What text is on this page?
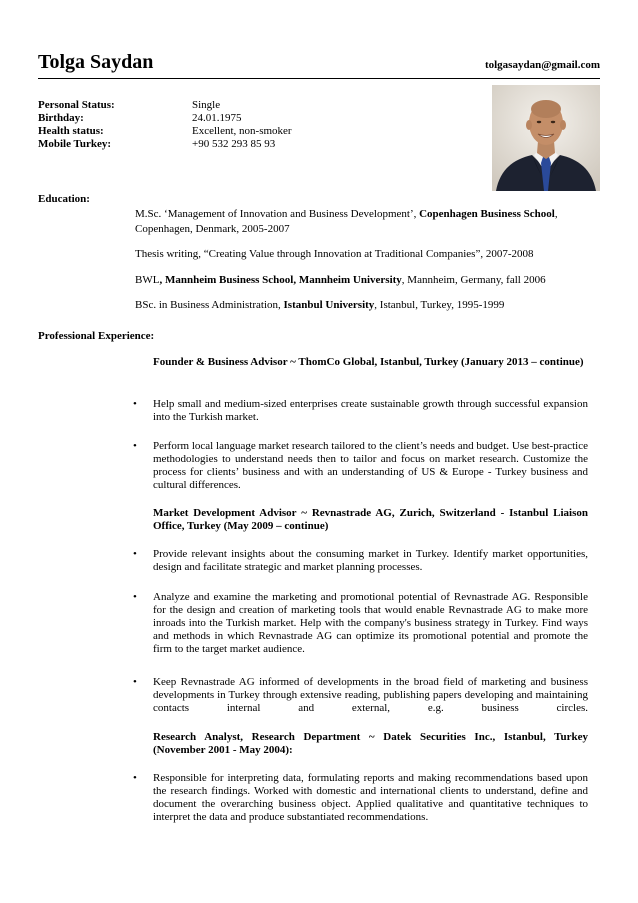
Tolga Saydan	tolgasaydan@gmail.com
Personal Status:	Single
Birthday:	24.01.1975
Health status:	Excellent, non-smoker
Mobile Turkey:	+90 532 293 85 93
Education:

M.Sc. ‘Management of Innovation and Business Development’, Copenhagen Business School, Copenhagen, Denmark, 2005-2007

Thesis writing, “Creating Value through Innovation at Traditional Companies”, 2007-2008

BWL, Mannheim Business School, Mannheim University, Mannheim, Germany, fall 2006

BSc. in Business Administration, Istanbul University, Istanbul, Turkey, 1995-1999

Professional Experience:
Founder & Business Advisor ~ ThomCo Global, Istanbul, Turkey (January 2013 – continue)
• Help small and medium-sized enterprises create sustainable growth through successful expansion into the Turkish market.
• Perform local language market research tailored to the client’s needs and budget. Use best-practice methodologies to understand needs then to tailor and focus on market research. Customize the process for clients’ business and with an understanding of US & Europe - Turkey business and cultural differences.
Market Development Advisor ~ Revnastrade AG, Zurich, Switzerland - Istanbul Liaison Office, Turkey (May 2009 – continue)
• Provide relevant insights about the consuming market in Turkey. Identify market opportunities, design and facilitate strategic and market planning processes.
• Analyze and examine the marketing and promotional potential of Revnastrade AG. Responsible for the design and creation of marketing tools that would enable Revnastrade AG to make more inroads into the Turkish market. Help with the company's business strategy in Turkey. Find ways and methods in which Revnastrade AG can optimize its promotional potential and promote the firm to the target market audience.
• Keep Revnastrade AG informed of developments in the broad field of marketing and business developments in Turkey through extensive reading, publishing papers developing and maintaining contacts internal and external, e.g. business circles.
Research Analyst, Research Department ~ Datek Securities Inc., Istanbul, Turkey (November 2001 - May 2004):
• Responsible for interpreting data, formulating reports and making recommendations based upon the research findings. Worked with domestic and international clients to understand, define and document the overarching business object. Applied qualitative and quantitative techniques to interpret the data and produce substantiated recommendations.
